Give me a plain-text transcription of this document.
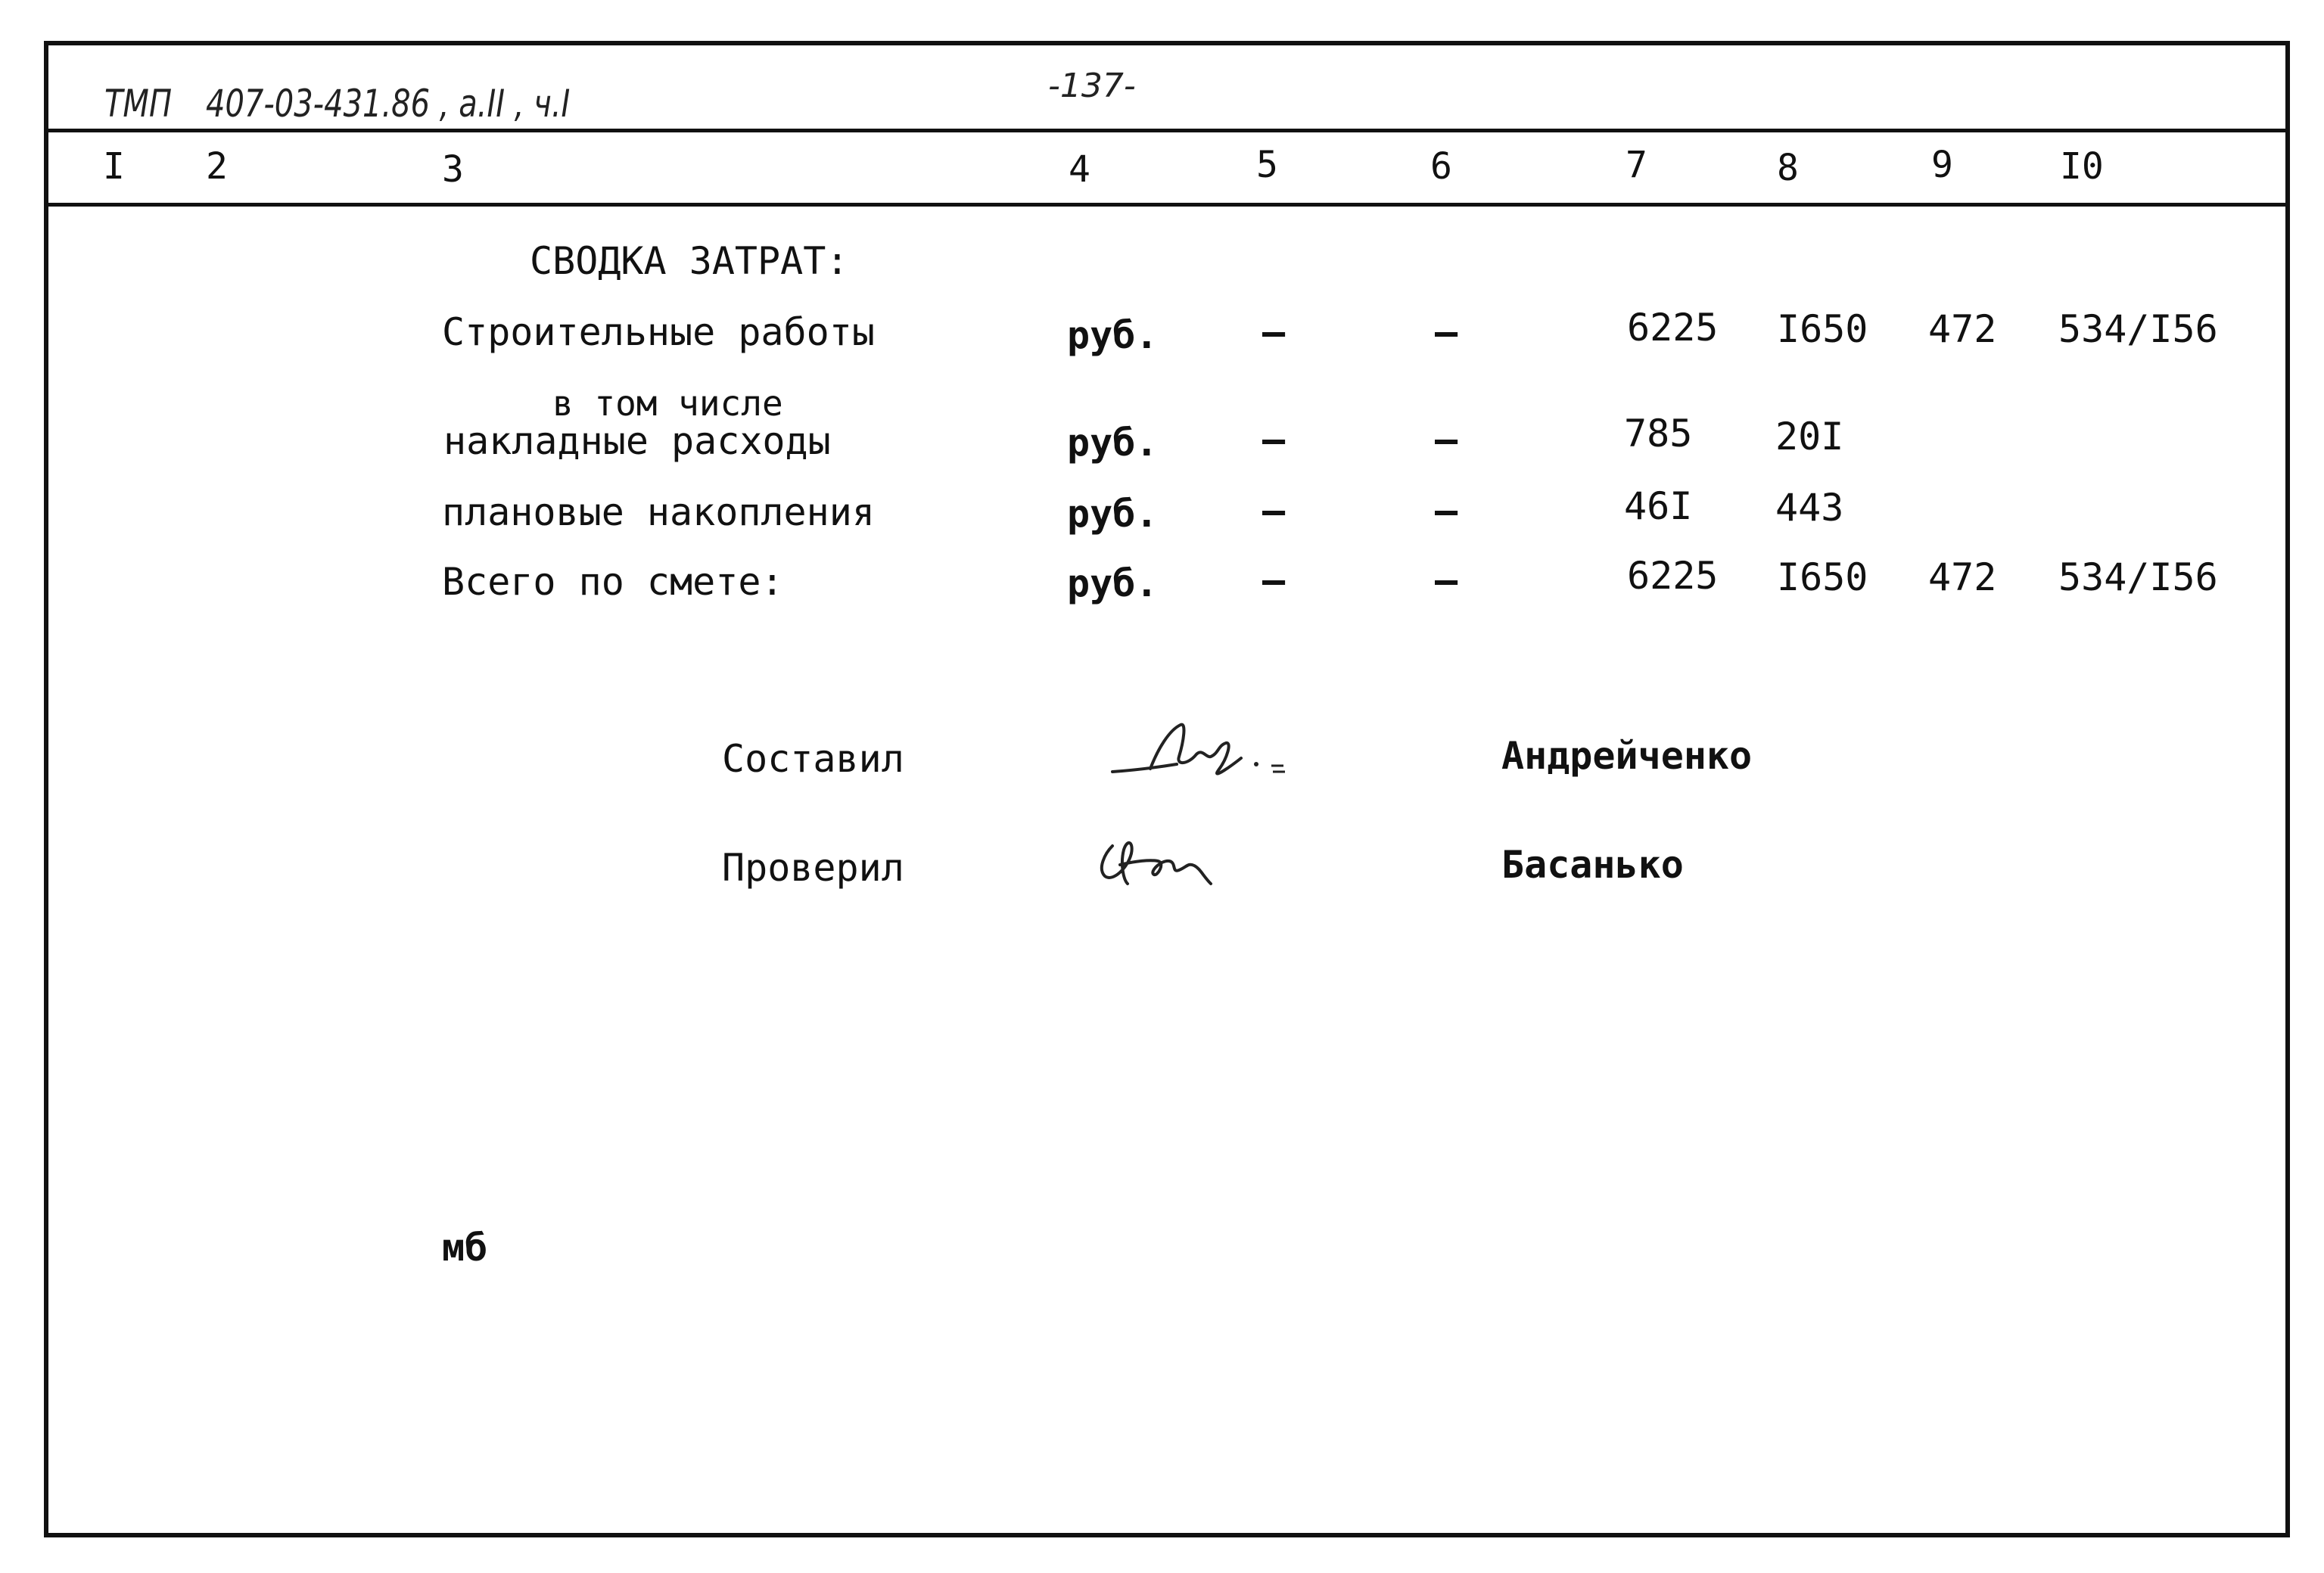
ТМП 407-03-431.86 , а.II , ч.I	-137-
I 2	3	4	5	6	7	8	9	I0
СВОДКА ЗАТРАТ:
Строительные работы	руб.	–	–	6225 I650 472 534/I56
в том числе
накладные расходы	руб.	–	–	785 20I
плановые накопления	руб.	–	–	46I 443
Всего по смете:	руб.	–	–	6225 I650 472 534/I56
Составил	Андрейченко
Проверил	Басанько
мб
